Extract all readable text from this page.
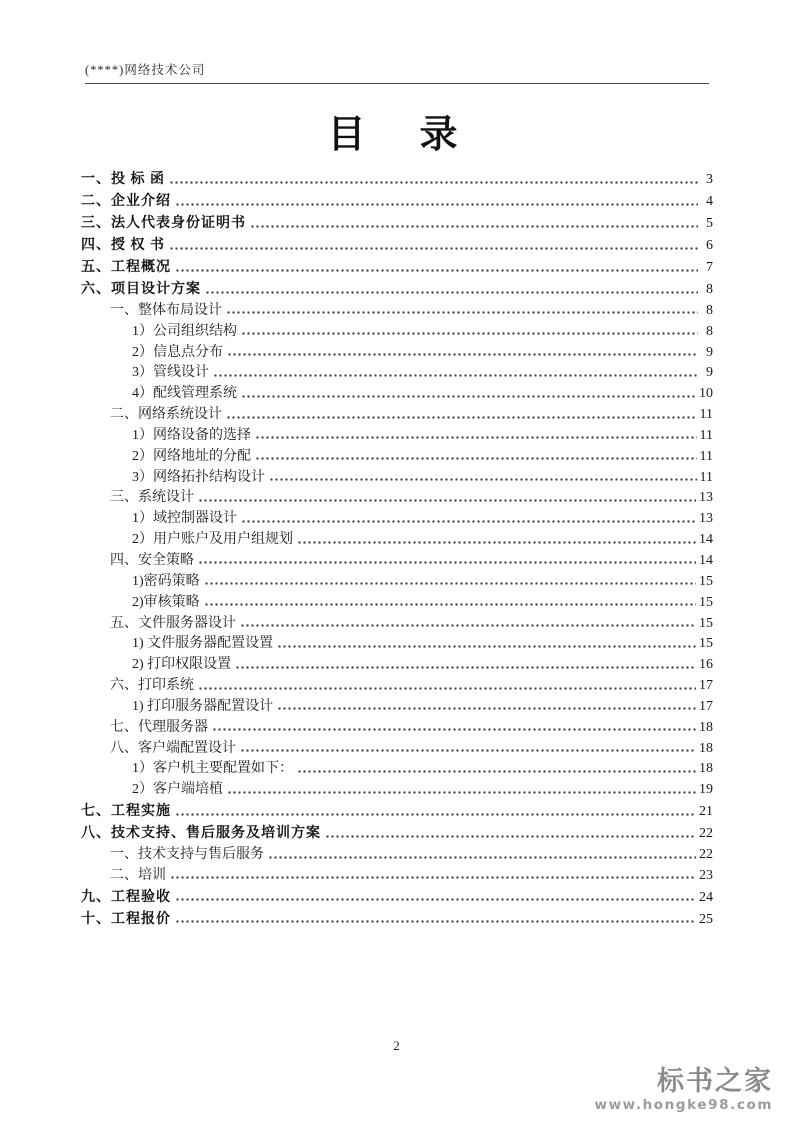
(****)网络技术公司
目　录
一、投 标 函	3
二、企业介绍	4
三、法人代表身份证明书	5
四、授 权 书	6
五、工程概况	7
六、项目设计方案	8
一、整体布局设计	8
1）公司组织结构	8
2）信息点分布	9
3）管线设计	9
4）配线管理系统	10
二、网络系统设计	11
1）网络设备的选择	11
2）网络地址的分配	11
3）网络拓扑结构设计	11
三、系统设计	13
1）域控制器设计	13
2）用户账户及用户组规划	14
四、安全策略	14
1)密码策略	15
2)审核策略	15
五、文件服务器设计	15
1) 文件服务器配置设置	15
2) 打印权限设置	16
六、打印系统	17
1) 打印服务器配置设计	17
七、代理服务器	18
八、客户端配置设计	18
1）客户机主要配置如下：	18
2）客户端培植	19
七、工程实施	21
八、技术支持、售后服务及培训方案	22
一、技术支持与售后服务	22
二、培训	23
九、工程验收	24
十、工程报价	25
2
标书之家
www.hongke98.com
